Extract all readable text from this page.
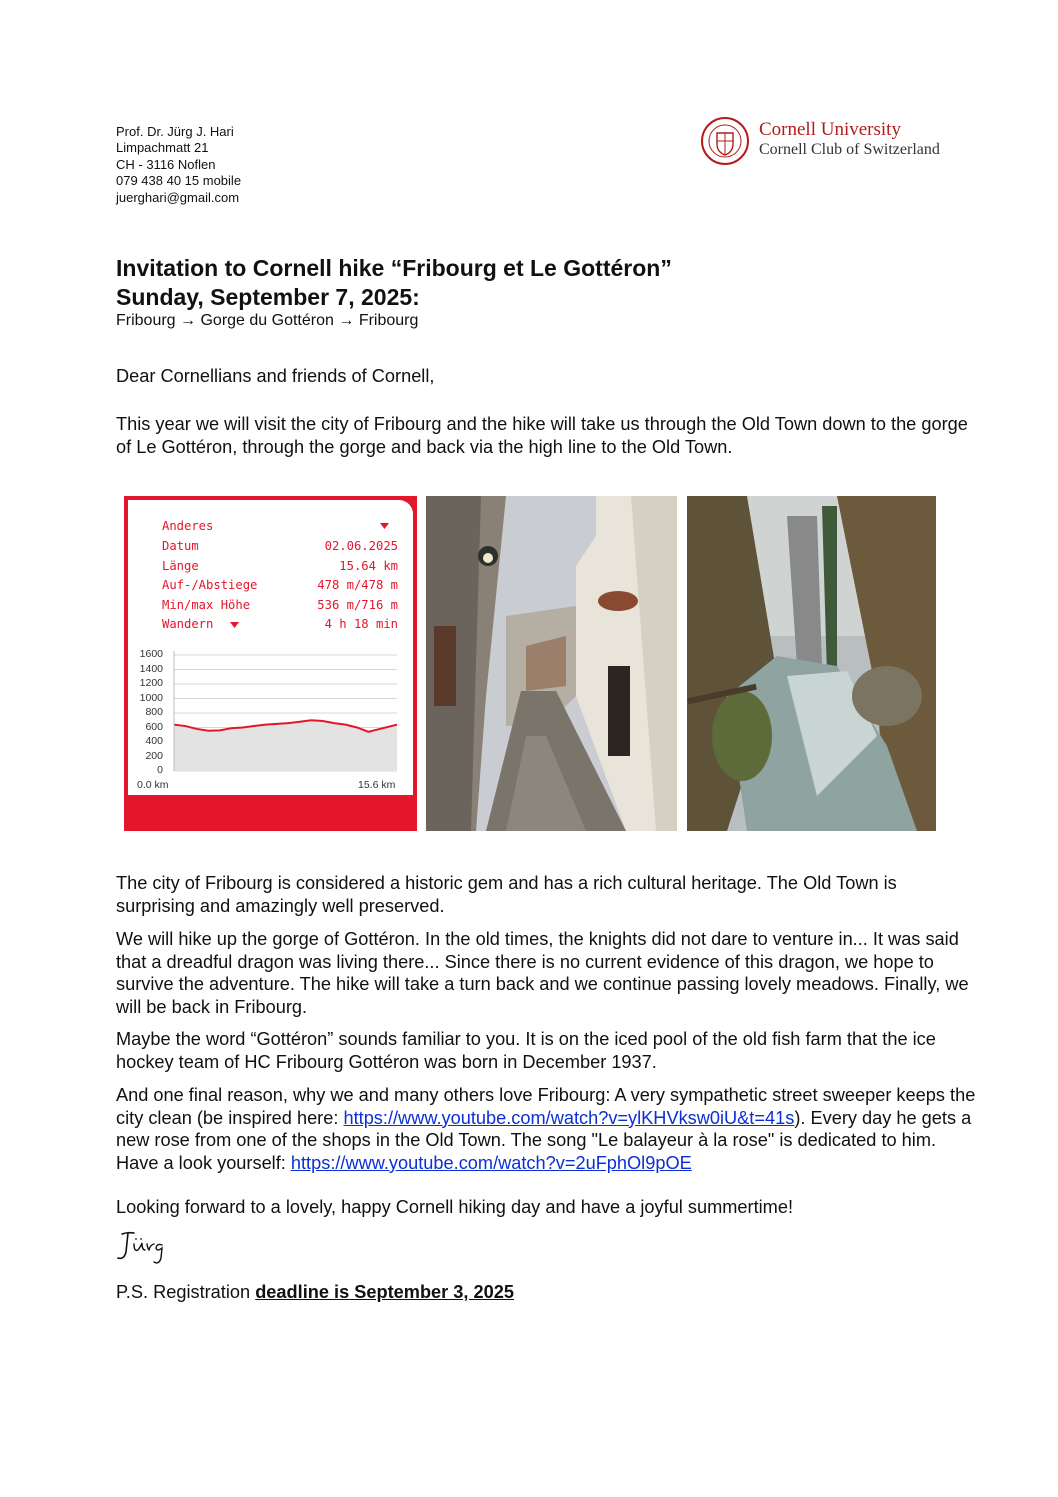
Prof. Dr. Jürg J. Hari
Limpachmatt 21
CH - 3116 Noflen
079 438 40 15 mobile
juerghari@gmail.com
Cornell University
Cornell Club of Switzerland
Invitation to Cornell hike “Fribourg et Le Gottéron”
Sunday, September 7, 2025:
Fribourg → Gorge du Gottéron → Fribourg
Dear Cornellians and friends of Cornell,
This year we will visit the city of Fribourg and the hike will take us through the Old Town down to the gorge of Le Gottéron, through the gorge and back via the high line to the Old Town.
Anderes
Datum	02.06.2025
Länge	15.64 km
Auf-/Abstiege	478 m/478 m
Min/max Höhe	536 m/716 m
Wandern	4 h 18 min
1600
1400
1200
1000
800
600
400
200
0
0.0 km	15.6 km
The city of Fribourg is considered a historic gem and has a rich cultural heritage. The Old Town is surprising and amazingly well preserved.
We will hike up the gorge of Gottéron. In the old times, the knights did not dare to venture in... It was said that a dreadful dragon was living there... Since there is no current evidence of this dragon, we hope to survive the adventure. The hike will take a turn back and we continue passing lovely meadows. Finally, we will be back in Fribourg.
Maybe the word “Gottéron” sounds familiar to you. It is on the iced pool of the old fish farm that the ice hockey team of HC Fribourg Gottéron was born in December 1937.
And one final reason, why we and many others love Fribourg: A very sympathetic street sweeper keeps the city clean (be inspired here: https://www.youtube.com/watch?v=ylKHVksw0iU&t=41s). Every day he gets a new rose from one of the shops in the Old Town. The song "Le balayeur à la rose" is dedicated to him. Have a look yourself: https://www.youtube.com/watch?v=2uFphOl9pOE
Looking forward to a lovely, happy Cornell hiking day and have a joyful summertime!
P.S. Registration deadline is September 3, 2025
